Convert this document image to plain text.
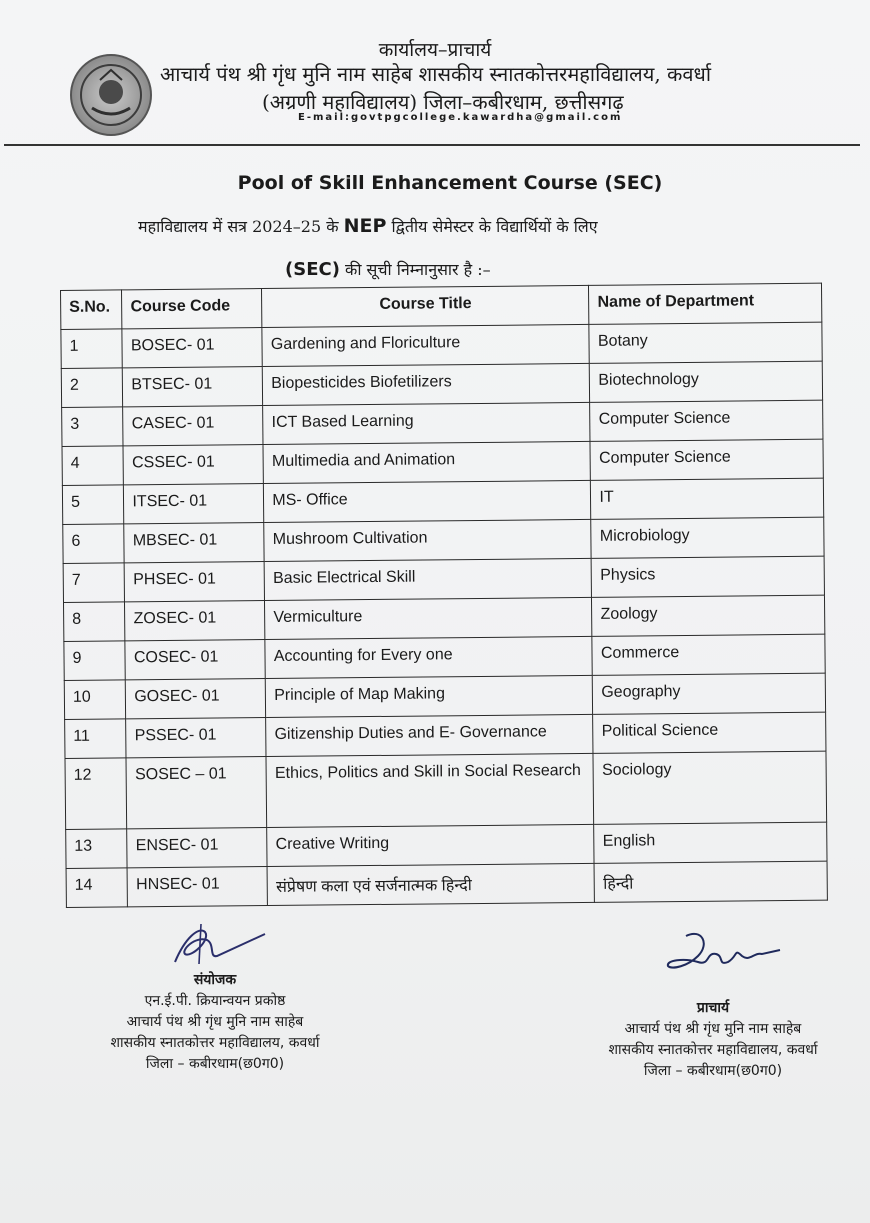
कार्यालय–प्राचार्य
आचार्य पंथ श्री गृंध मुनि नाम साहेब शासकीय स्नातकोत्तरमहाविद्यालय, कवर्धा
(अग्रणी महाविद्यालय) जिला–कबीरधाम, छत्तीसगढ़
E-mail:govtpgcollege.kawardha@gmail.com
Pool of Skill Enhancement Course (SEC)
महाविद्यालय में सत्र 2024–25 के NEP द्वितीय सेमेस्टर के विद्यार्थियों के लिए
(SEC) की सूची निम्नानुसार है :–
S.No.	Course Code	Course Title	Name of Department
1	BOSEC- 01	Gardening and Floriculture	Botany
2	BTSEC- 01	Biopesticides Biofetilizers	Biotechnology
3	CASEC- 01	ICT Based Learning	Computer Science
4	CSSEC- 01	Multimedia and Animation	Computer Science
5	ITSEC- 01	MS- Office	IT
6	MBSEC- 01	Mushroom Cultivation	Microbiology
7	PHSEC- 01	Basic Electrical Skill	Physics
8	ZOSEC- 01	Vermiculture	Zoology
9	COSEC- 01	Accounting for Every one	Commerce
10	GOSEC- 01	Principle of Map Making	Geography
11	PSSEC- 01	Gitizenship Duties and E- Governance	Political Science
12	SOSEC – 01	Ethics, Politics and Skill in Social Research	Sociology
13	ENSEC- 01	Creative Writing	English
14	HNSEC- 01	संप्रेषण कला एवं सर्जनात्मक हिन्दी	हिन्दी
संयोजक
एन.ई.पी. क्रियान्वयन प्रकोष्ठ
आचार्य पंथ श्री गृंध मुनि नाम साहेब
शासकीय स्नातकोत्तर महाविद्यालय, कवर्धा
जिला – कबीरधाम(छ0ग0)
प्राचार्य
आचार्य पंथ श्री गृंध मुनि नाम साहेब
शासकीय स्नातकोत्तर महाविद्यालय, कवर्धा
जिला – कबीरधाम(छ0ग0)
